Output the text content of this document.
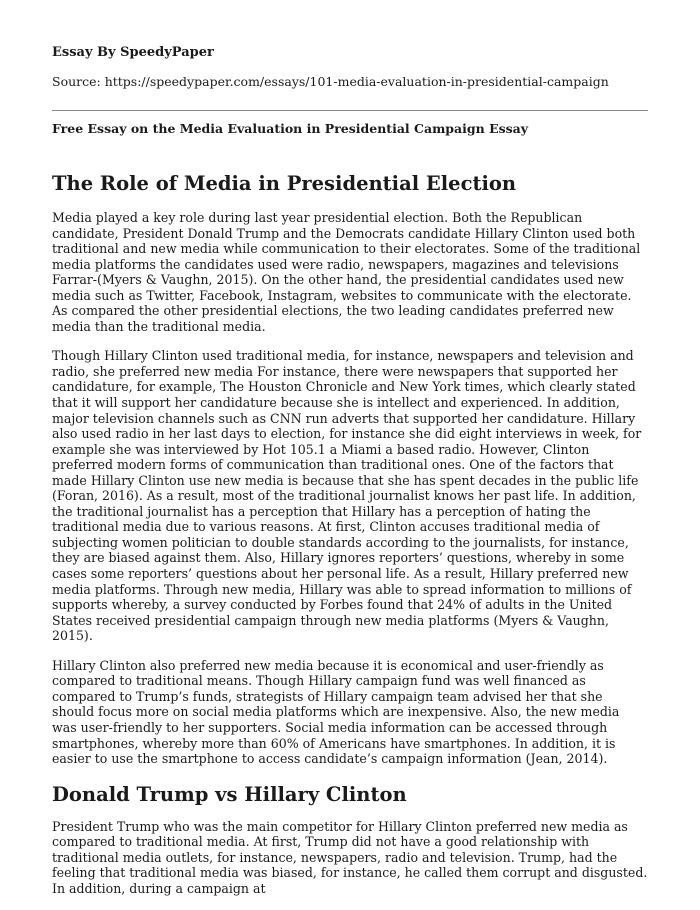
Essay By SpeedyPaper

Source: https://speedypaper.com/essays/101-media-evaluation-in-presidential-campaign

Free Essay on the Media Evaluation in Presidential Campaign Essay

The Role of Media in Presidential Election

Media played a key role during last year presidential election. Both the Republican candidate, President Donald Trump and the Democrats candidate Hillary Clinton used both traditional and new media while communication to their electorates. Some of the traditional media platforms the candidates used were radio, newspapers, magazines and televisions Farrar-(Myers & Vaughn, 2015). On the other hand, the presidential candidates used new media such as Twitter, Facebook, Instagram, websites to communicate with the electorate. As compared the other presidential elections, the two leading candidates preferred new media than the traditional media.

Though Hillary Clinton used traditional media, for instance, newspapers and television and radio, she preferred new media For instance, there were newspapers that supported her candidature, for example, The Houston Chronicle and New York times, which clearly stated that it will support her candidature because she is intellect and experienced. In addition, major television channels such as CNN run adverts that supported her candidature. Hillary also used radio in her last days to election, for instance she did eight interviews in week, for example she was interviewed by Hot 105.1 a Miami a based radio. However, Clinton preferred modern forms of communication than traditional ones. One of the factors that made Hillary Clinton use new media is because that she has spent decades in the public life (Foran, 2016). As a result, most of the traditional journalist knows her past life. In addition, the traditional journalist has a perception that Hillary has a perception of hating the traditional media due to various reasons. At first, Clinton accuses traditional media of subjecting women politician to double standards according to the journalists, for instance, they are biased against them. Also, Hillary ignores reporters’ questions, whereby in some cases some reporters’ questions about her personal life. As a result, Hillary preferred new media platforms. Through new media, Hillary was able to spread information to millions of supports whereby, a survey conducted by Forbes found that 24% of adults in the United States received presidential campaign through new media platforms (Myers & Vaughn, 2015).

Hillary Clinton also preferred new media because it is economical and user-friendly as compared to traditional means. Though Hillary campaign fund was well financed as compared to Trump’s funds, strategists of Hillary campaign team advised her that she should focus more on social media platforms which are inexpensive. Also, the new media was user-friendly to her supporters. Social media information can be accessed through smartphones, whereby more than 60% of Americans have smartphones. In addition, it is easier to use the smartphone to access candidate’s campaign information (Jean, 2014).

Donald Trump vs Hillary Clinton

President Trump who was the main competitor for Hillary Clinton preferred new media as compared to traditional media. At first, Trump did not have a good relationship with traditional media outlets, for instance, newspapers, radio and television. Trump, had the feeling that traditional media was biased, for instance, he called them corrupt and disgusted. In addition, during a campaign at
